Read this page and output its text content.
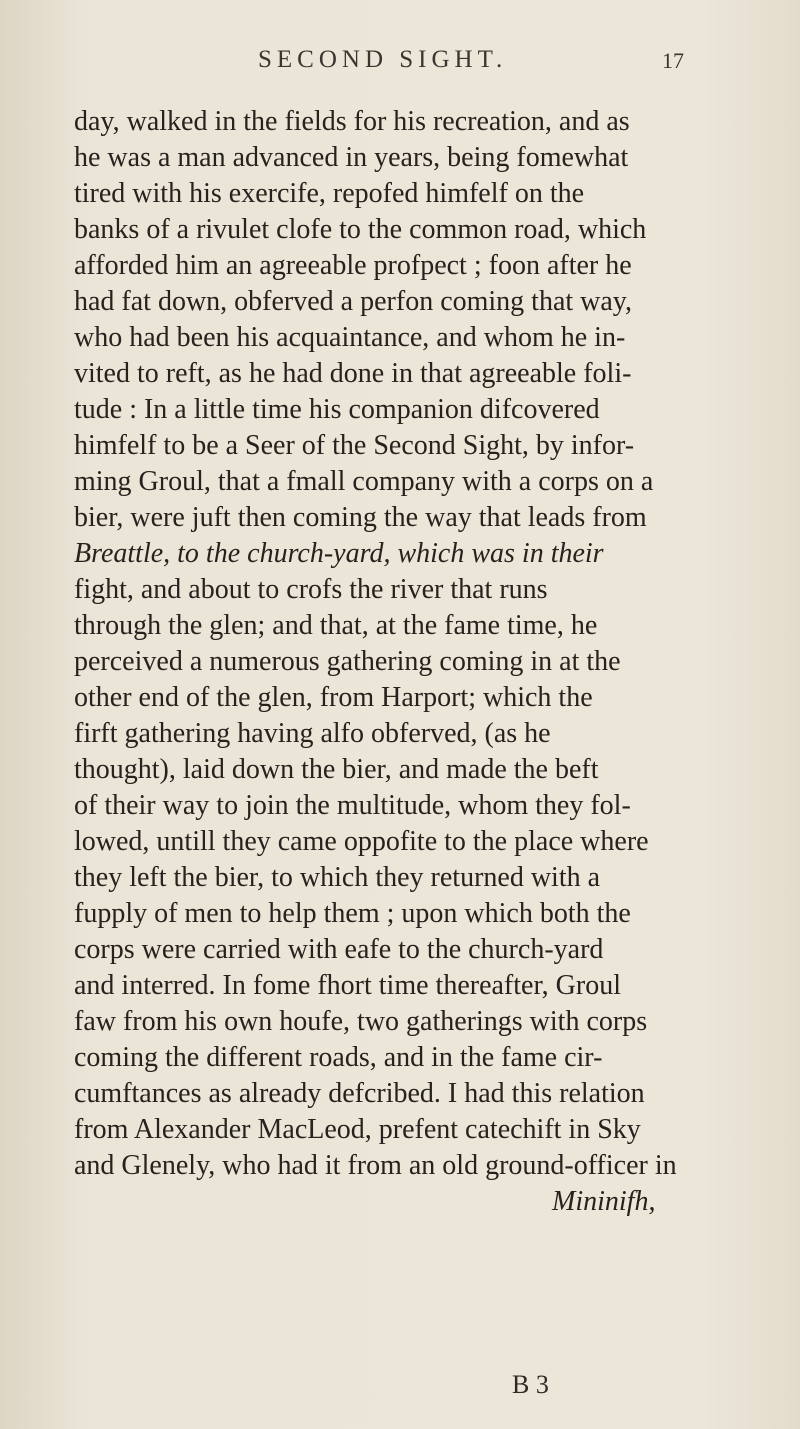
SECOND SIGHT.	17
day, walked in the fields for his recreation, and as
he was a man advanced in years, being fomewhat
tired with his exercife, repofed himfelf on the
banks of a rivulet clofe to the common road, which
afforded him an agreeable profpect ; foon after he
had fat down, obferved a perfon coming that way,
who had been his acquaintance, and whom he in-
vited to reft, as he had done in that agreeable foli-
tude : In a little time his companion difcovered
himfelf to be a Seer of the Second Sight, by infor-
ming Groul, that a fmall company with a corps on a
bier, were juft then coming the way that leads from
Breattle, to the church-yard, which was in their
fight, and about to crofs the river that runs
through the glen; and that, at the fame time, he
perceived a numerous gathering coming in at the
other end of the glen, from Harport; which the
firft gathering having alfo obferved, (as he
thought), laid down the bier, and made the beft
of their way to join the multitude, whom they fol-
lowed, untill they came oppofite to the place where
they left the bier, to which they returned with a
fupply of men to help them ; upon which both the
corps were carried with eafe to the church-yard
and interred. In fome fhort time thereafter, Groul
faw from his own houfe, two gatherings with corps
coming the different roads, and in the fame cir-
cumftances as already defcribed. I had this relation
from Alexander MacLeod, prefent catechift in Sky
and Glenely, who had it from an old ground-officer in
Mininifh,
B 3
